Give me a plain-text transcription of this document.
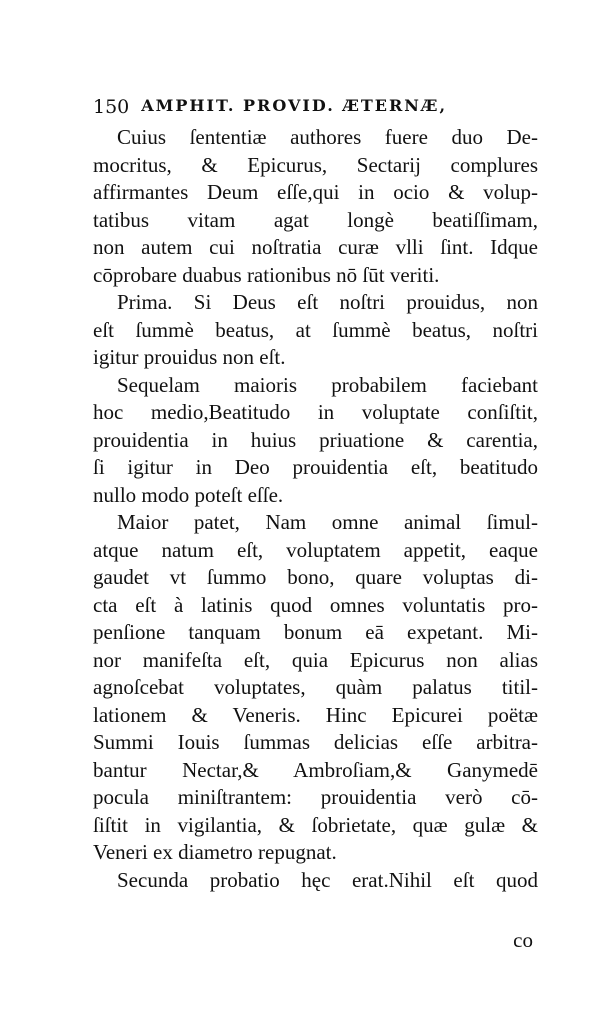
150 AMPHIT. PROVID. ÆTERNÆ,
Cuius ſententiæ authores fuere duo De-
mocritus, & Epicurus, Sectarij complures
affirmantes Deum eſſe,qui in ocio & volup-
tatibus vitam agat longè beatiſſimam,
non autem cui noſtratia curæ vlli ſint. Idque
cōprobare duabus rationibus nō ſūt veriti.
Prima. Si Deus eſt noſtri prouidus, non
eſt ſummè beatus, at ſummè beatus, noſtri
igitur prouidus non eſt.
Sequelam maioris probabilem faciebant
hoc medio,Beatitudo in voluptate conſiſtit,
prouidentia in huius priuatione & carentia,
ſi igitur in Deo prouidentia eſt, beatitudo
nullo modo poteſt eſſe.
Maior patet, Nam omne animal ſimul-
atque natum eſt, voluptatem appetit, eaque
gaudet vt ſummo bono, quare voluptas di-
cta eſt à latinis quod omnes voluntatis pro-
penſione tanquam bonum eā expetant. Mi-
nor manifeſta eſt, quia Epicurus non alias
agnoſcebat voluptates, quàm palatus titil-
lationem & Veneris. Hinc Epicurei poëtæ
Summi Iouis ſummas delicias eſſe arbitra-
bantur Nectar,& Ambroſiam,& Ganymedē
pocula miniſtrantem: prouidentia verò cō-
ſiſtit in vigilantia, & ſobrietate, quæ gulæ &
Veneri ex diametro repugnat.
Secunda probatio hęc erat.Nihil eſt quod
co
